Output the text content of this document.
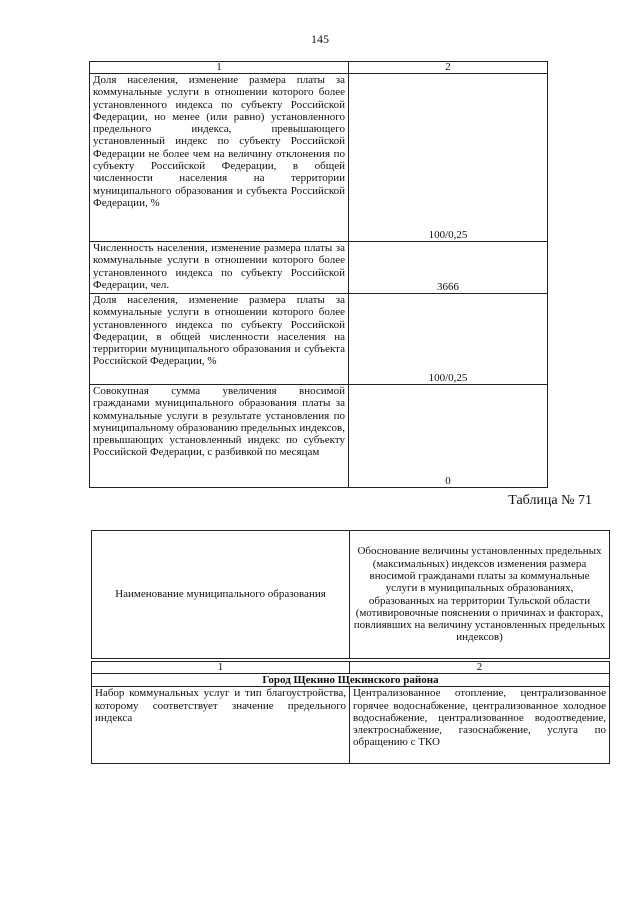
145
1	2
Доля населения, изменение размера платы за коммунальные услуги в отношении которого более установленного индекса по субъекту Российской Федерации, но менее (или равно) установленного предельного индекса, превышающего установленный индекс по субъекту Российской Федерации не более чем на величину отклонения по субъекту Российской Федерации, в общей численности населения на территории муниципального образования и субъекта Российской Федерации, %	100/0,25
Численность населения, изменение размера платы за коммунальные услуги в отношении которого более установленного индекса по субъекту Российской Федерации, чел.	3666
Доля населения, изменение размера платы за коммунальные услуги в отношении которого более установленного индекса по субъекту Российской Федерации, в общей численности населения на территории муниципального образования и субъекта Российской Федерации, %	100/0,25
Совокупная сумма увеличения вносимой гражданами муниципального образования платы за коммунальные услуги в результате установления по муниципальному образованию предельных индексов, превышающих установленный индекс по субъекту Российской Федерации, с разбивкой по месяцам	0
Таблица № 71
Наименование муниципального образования	Обоснование величины установленных предельных (максимальных) индексов изменения размера вносимой гражданами платы за коммунальные услуги в муниципальных образованиях, образованных на территории Тульской области (мотивировочные пояснения о причинах и факторах, повлиявших на величину установленных предельных индексов)

1	2
Город Щекино Щекинского района	
Набор коммунальных услуг и тип благоустройства, которому соответствует значение предельного индекса	Централизованное отопление, централизованное горячее водоснабжение, централизованное холодное водоснабжение, централизованное водоотведение, электроснабжение, газоснабжение, услуга по обращению с ТКО
